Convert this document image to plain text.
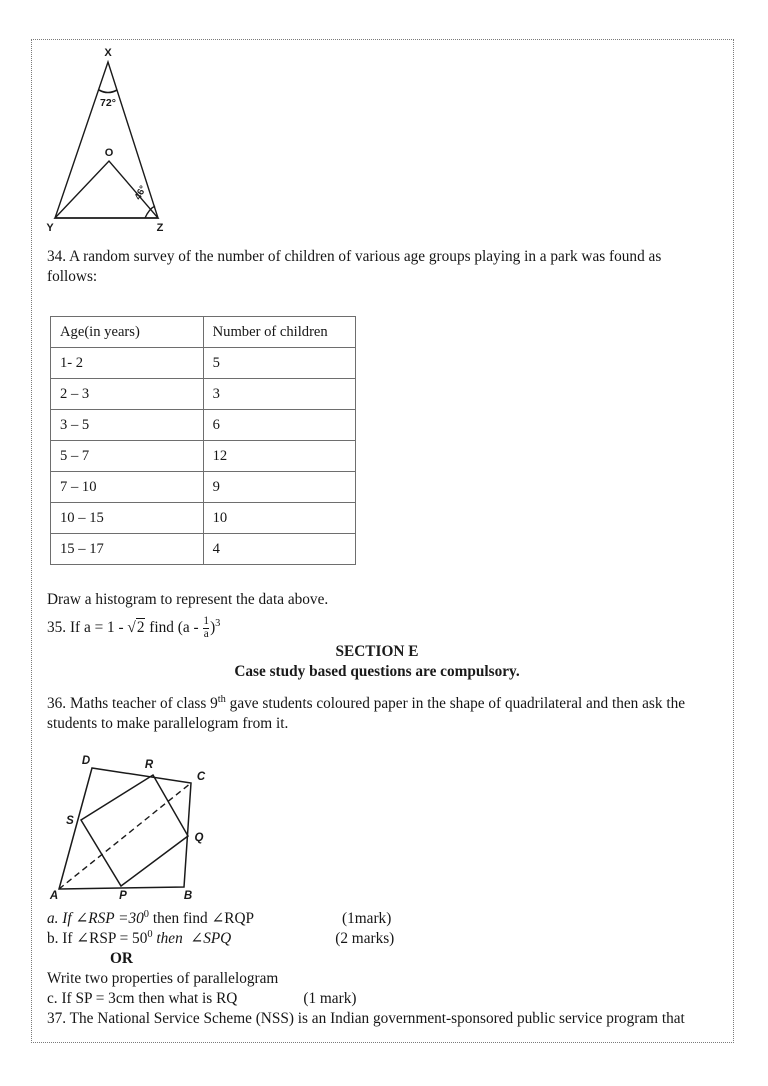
X
Y	Z
O
72°
46°
34. A random survey of the number of children of various age groups playing in a park was found as follows:
Age(in years)	Number of children
1- 2	5
2 – 3	3
3 – 5	6
5 – 7	12
7 – 10	9
10 – 15	10
15 – 17	4
Draw a histogram to represent the data above.
35. If a = 1 - √2 find $(a - \frac{1}{a} )^3$
SECTION E
Case study based questions are compulsory.
36. Maths teacher of class 9th gave students coloured paper in the shape of quadrilateral and then ask the students to make parallelogram from it.
A	B
C
D
P
Q
R
S
a. If ∠RSP $=30^0$ then find ∠RQP	(1mark)
b. If ∠RSP = $50^0$ then  ∠SPQ	(2 marks)
OR
Write two properties of parallelogram
c. If SP = 3cm then what is RQ	(1 mark)
37. The National Service Scheme (NSS) is an Indian government-sponsored public service program that
